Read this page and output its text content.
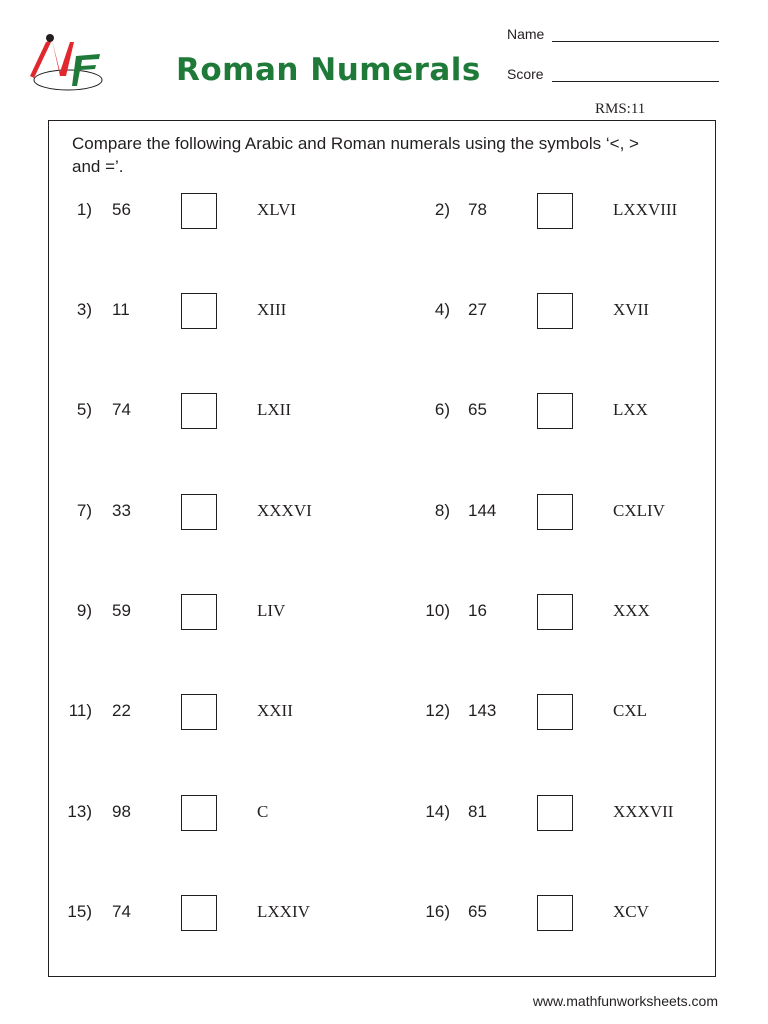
Roman Numerals
Name
Score
RMS:11
Compare the following Arabic and Roman numerals using the symbols ‘<, > and =’.
1) 56	XLVI	2) 78	LXXVIII
3) 11	XIII	4) 27	XVII
5) 74	LXII	6) 65	LXX
7) 33	XXXVI	8) 144	CXLIV
9) 59	LIV	10) 16	XXX
11) 22	XXII	12) 143	CXL
13) 98	C	14) 81	XXXVII
15) 74	LXXIV	16) 65	XCV
www.mathfunworksheets.com
